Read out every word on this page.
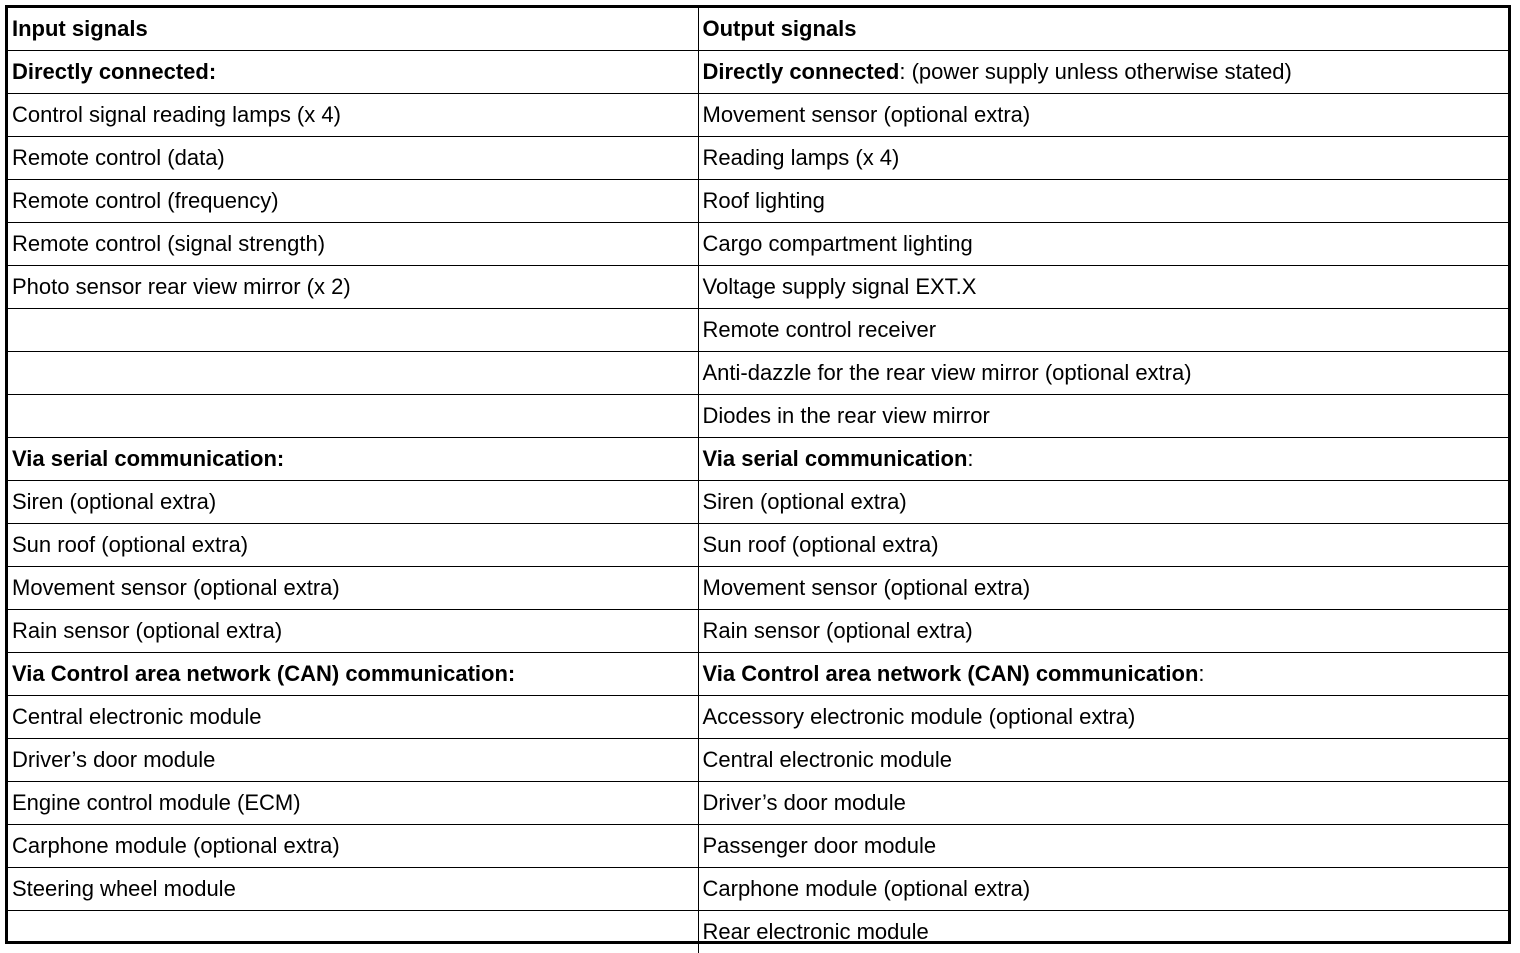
Input signals	Output signals
Directly connected:	Directly connected: (power supply unless otherwise stated)
Control signal reading lamps (x 4)	Movement sensor (optional extra)
Remote control (data)	Reading lamps (x 4)
Remote control (frequency)	Roof lighting
Remote control (signal strength)	Cargo compartment lighting
Photo sensor rear view mirror (x 2)	Voltage supply signal EXT.X
	Remote control receiver
	Anti-dazzle for the rear view mirror (optional extra)
	Diodes in the rear view mirror
Via serial communication:	Via serial communication:
Siren (optional extra)	Siren (optional extra)
Sun roof (optional extra)	Sun roof (optional extra)
Movement sensor (optional extra)	Movement sensor (optional extra)
Rain sensor (optional extra)	Rain sensor (optional extra)
Via Control area network (CAN) communication:	Via Control area network (CAN) communication:
Central electronic module	Accessory electronic module (optional extra)
Driver’s door module	Central electronic module
Engine control module (ECM)	Driver’s door module
Carphone module (optional extra)	Passenger door module
Steering wheel module	Carphone module (optional extra)
	Rear electronic module
